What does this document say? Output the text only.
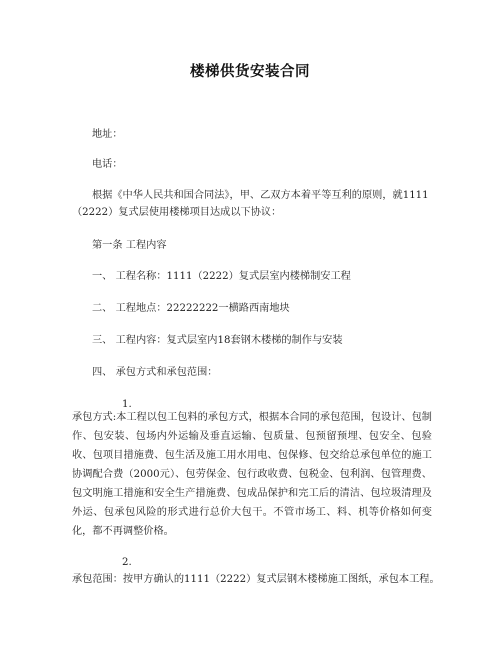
楼梯供货安装合同
地址：
电话：
根据《中华人民共和国合同法》，甲、乙双方本着平等互利的原则，就1111
（2222）复式层使用楼梯项目达成以下协议：
第一条 工程内容
一、 工程名称：1111（2222）复式层室内楼梯制安工程
二、 工程地点：22222222一横路西南地块
三、 工程内容：复式层室内18套钢木楼梯的制作与安装
四、 承包方式和承包范围：
1.
承包方式:本工程以包工包料的承包方式，根据本合同的承包范围，包设计、包制作、包安装、包场内外运输及垂直运输、包质量、包预留预埋、包安全、包验收、包项目措施费、包生活及施工用水用电、包保修、包交给总承包单位的施工协调配合费（2000元）、包劳保金、包行政收费、包税金、包利润、包管理费、包文明施工措施和安全生产措施费、包成品保护和完工后的清洁、包垃圾清理及外运、包承包风险的形式进行总价大包干。不管市场工、料、机等价格如何变化，都不再调整价格。
2.
承包范围：按甲方确认的1111（2222）复式层钢木楼梯施工图纸，承包本工程。
